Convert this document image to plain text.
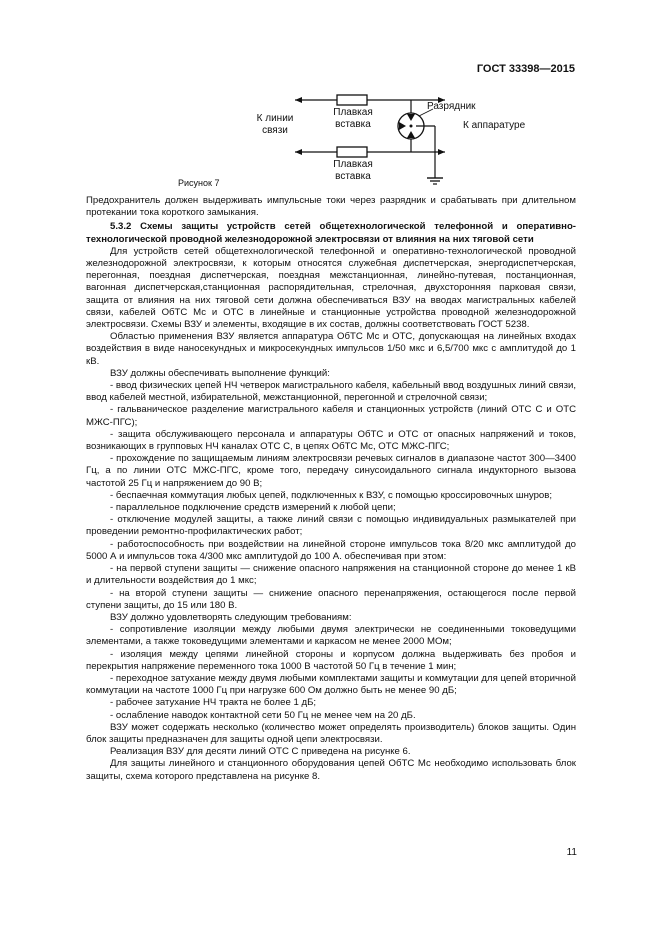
ГОСТ 33398—2015
К линии
связи
Плавкая
вставка
Плавкая
вставка
Разрядник
К аппаратуре
Рисунок 7

Предохранитель должен выдерживать импульсные токи через разрядник и срабатывать при длительном протекании тока короткого замыкания.

5.3.2 Схемы защиты устройств сетей общетехнологической телефонной и оперативно-технологической проводной железнодорожной электросвязи от влияния на них тяговой сети

Для устройств сетей общетехнологической телефонной и оперативно-технологической проводной железнодорожной электросвязи, к которым относятся служебная диспетчерская, энергодиспетчерская, перегонная, поездная диспетчерская, поездная межстанционная, линейно-путевая, постанционная, вагонная диспетчерская,станционная распорядительная, стрелочная, двухсторонняя парковая связи, защита от влияния на них тяговой сети должна обеспечиваться ВЗУ на вводах магистральных кабелей связи, кабелей ОбТС Мс и ОТС в линейные и станционные устройства проводной железнодорожной электросвязи. Схемы ВЗУ и элементы, входящие в их состав, должны соответствовать ГОСТ 5238.

Областью применения ВЗУ является аппаратура ОбТС Мс и ОТС, допускающая на линейных входах воздействия в виде наносекундных и микросекундных импульсов 1/50 мкс и 6,5/700 мкс с амплитудой до 1 кВ.

ВЗУ должны обеспечивать выполнение функций:

- ввод физических цепей НЧ четверок магистрального кабеля, кабельный ввод воздушных линий связи, ввод кабелей местной, избирательной, межстанционной, перегонной и стрелочной связи;

- гальваническое разделение магистрального кабеля и станционных устройств (линий ОТС С и ОТС МЖС-ПГС);

- защита обслуживающего персонала и аппаратуры ОбТС и ОТС от опасных напряжений и токов, возникающих в групповых НЧ каналах ОТС С, в цепях ОбТС Мс, ОТС МЖС-ПГС;

- прохождение по защищаемым линиям электросвязи речевых сигналов в диапазоне частот 300—3400 Гц, а по линии ОТС МЖС-ПГС, кроме того, передачу синусоидального сигнала индукторного вызова частотой 25 Гц и напряжением до 90 В;

- беспаечная коммутация любых цепей, подключенных к ВЗУ, с помощью кроссировочных шнуров;

- параллельное подключение средств измерений к любой цепи;

- отключение модулей защиты, а также линий связи с помощью индивидуальных размыкателей при проведении ремонтно-профилактических работ;

- работоспособность при воздействии на линейной стороне импульсов тока 8/20 мкс амплитудой до 5000 А и импульсов тока 4/300 мкс амплитудой до 100 А. обеспечивая при этом:

- на первой ступени защиты — снижение опасного напряжения на станционной стороне до менее 1 кВ и длительности воздействия до 1 мкс;

- на второй ступени защиты — снижение опасного перенапряжения, остающегося после первой ступени защиты, до 15 или 180 В.

ВЗУ должно удовлетворять следующим требованиям:

- сопротивление изоляции между любыми двумя электрически не соединенными токоведущими элементами, а также токоведущими элементами и каркасом не менее 2000 МОм;

- изоляция между цепями линейной стороны и корпусом должна выдерживать без пробоя и перекрытия напряжение переменного тока 1000 В частотой 50 Гц в течение 1 мин;

- переходное затухание между двумя любыми комплектами защиты и коммутации для цепей вторичной коммутации на частоте 1000 Гц при нагрузке 600 Ом должно быть не менее 90 дБ;

- рабочее затухание НЧ тракта не более 1 дБ;

- ослабление наводок контактной сети 50 Гц не менее чем на 20 дБ.

ВЗУ может содержать несколько (количество может определять производитель) блоков защиты. Один блок защиты предназначен для защиты одной цепи электросвязи.

Реализация ВЗУ для десяти линий ОТС С приведена на рисунке 6.

Для защиты линейного и станционного оборудования цепей ОбТС Мс необходимо использовать блок защиты, схема которого представлена на рисунке 8.

11
